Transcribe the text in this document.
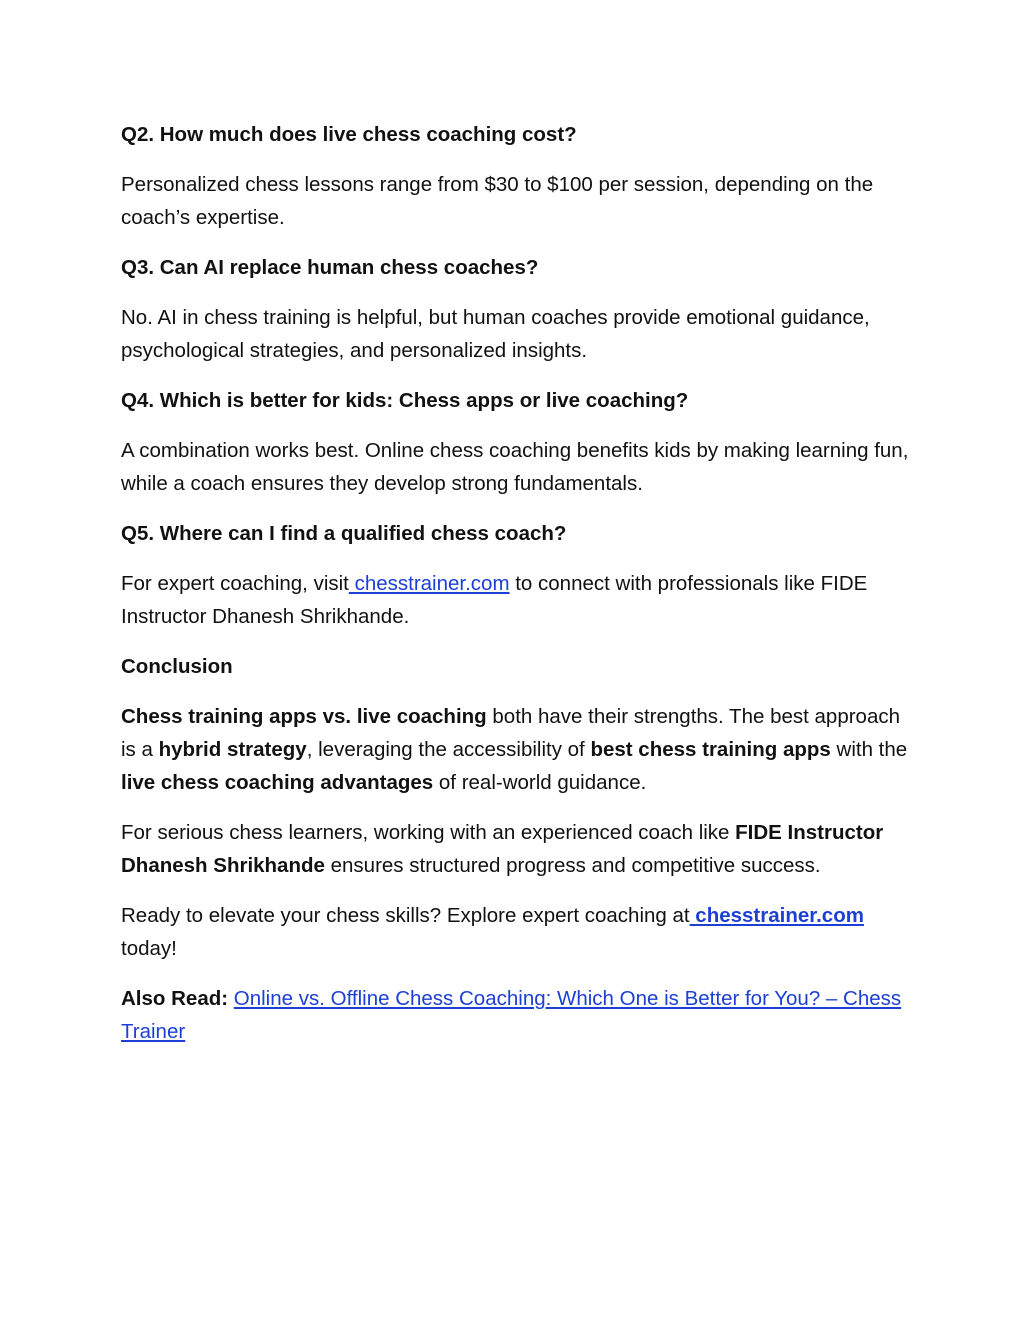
Q2. How much does live chess coaching cost?

Personalized chess lessons range from $30 to $100 per session, depending on the coach’s expertise.

Q3. Can AI replace human chess coaches?

No. AI in chess training is helpful, but human coaches provide emotional guidance, psychological strategies, and personalized insights.

Q4. Which is better for kids: Chess apps or live coaching?

A combination works best. Online chess coaching benefits kids by making learning fun, while a coach ensures they develop strong fundamentals.

Q5. Where can I find a qualified chess coach?

For expert coaching, visit chesstrainer.com to connect with professionals like FIDE Instructor Dhanesh Shrikhande.

Conclusion

Chess training apps vs. live coaching both have their strengths. The best approach is a hybrid strategy, leveraging the accessibility of best chess training apps with the live chess coaching advantages of real-world guidance.

For serious chess learners, working with an experienced coach like FIDE Instructor Dhanesh Shrikhande ensures structured progress and competitive success.

Ready to elevate your chess skills? Explore expert coaching at chesstrainer.com today!

Also Read: Online vs. Offline Chess Coaching: Which One is Better for You? – Chess Trainer
